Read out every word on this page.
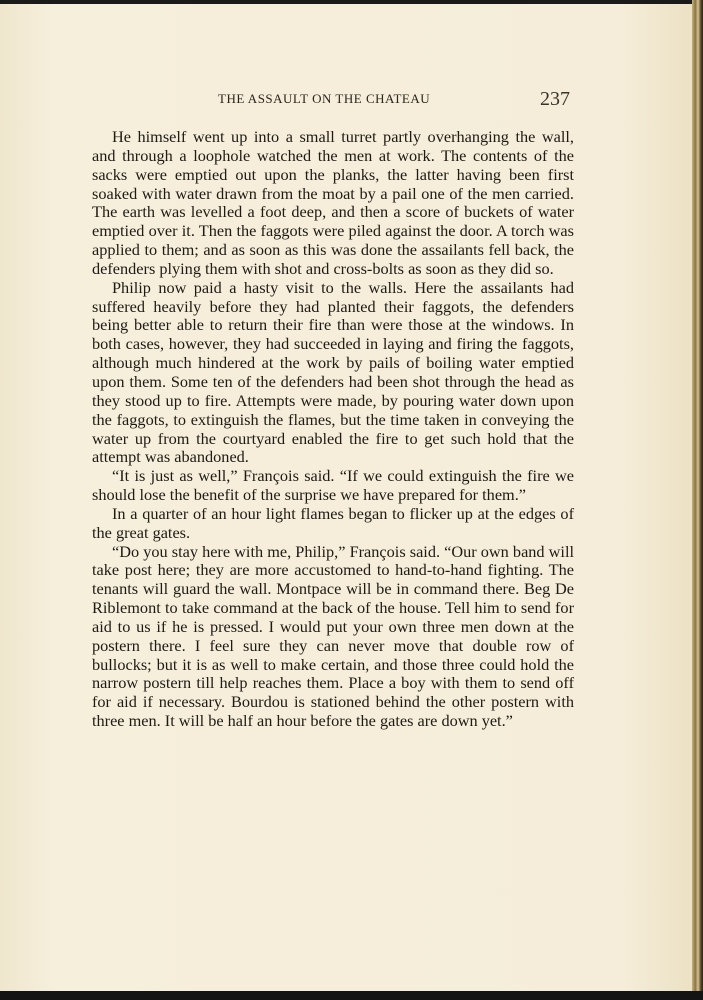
THE ASSAULT ON THE CHATEAU	237

He himself went up into a small turret partly overhanging the wall, and through a loophole watched the men at work. The contents of the sacks were emptied out upon the planks, the latter having been first soaked with water drawn from the moat by a pail one of the men carried. The earth was levelled a foot deep, and then a score of buckets of water emptied over it. Then the faggots were piled against the door. A torch was applied to them; and as soon as this was done the assailants fell back, the defenders plying them with shot and cross-bolts as soon as they did so.

Philip now paid a hasty visit to the walls. Here the assailants had suffered heavily before they had planted their faggots, the defenders being better able to return their fire than were those at the windows. In both cases, however, they had succeeded in laying and firing the faggots, although much hindered at the work by pails of boiling water emptied upon them. Some ten of the defenders had been shot through the head as they stood up to fire. Attempts were made, by pouring water down upon the faggots, to extinguish the flames, but the time taken in conveying the water up from the courtyard enabled the fire to get such hold that the attempt was abandoned.

“It is just as well,” François said. “If we could extinguish the fire we should lose the benefit of the surprise we have prepared for them.”

In a quarter of an hour light flames began to flicker up at the edges of the great gates.

“Do you stay here with me, Philip,” François said. “Our own band will take post here; they are more accustomed to hand-to-hand fighting. The tenants will guard the wall. Montpace will be in command there. Beg De Riblemont to take command at the back of the house. Tell him to send for aid to us if he is pressed. I would put your own three men down at the postern there. I feel sure they can never move that double row of bullocks; but it is as well to make certain, and those three could hold the narrow postern till help reaches them. Place a boy with them to send off for aid if necessary. Bourdou is stationed behind the other postern with three men. It will be half an hour before the gates are down yet.”
